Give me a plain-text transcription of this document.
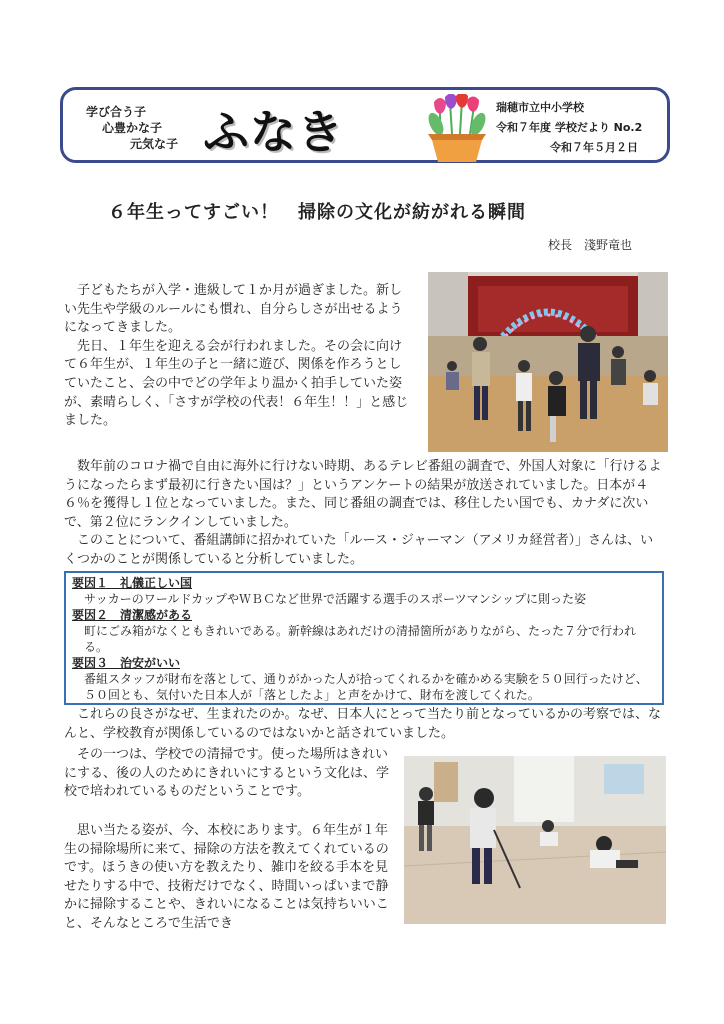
学び合う子
心豊かな子
元気な子 ふなき	瑞穂市立中小学校
令和７年度 学校だより No.2
令和７年５月２日
６年生ってすごい！　掃除の文化が紡がれる瞬間
校長　淺野竜也
子どもたちが入学・進級して１か月が過ぎました。新しい先生や学級のルールにも慣れ、自分らしさが出せるようになってきました。
先日、１年生を迎える会が行われました。その会に向けて６年生が、１年生の子と一緒に遊び、関係を作ろうとしていたこと、会の中でどの学年より温かく拍手していた姿が、素晴らしく、「さすが学校の代表！６年生！！」と感じました。
数年前のコロナ禍で自由に海外に行けない時期、あるテレビ番組の調査で、外国人対象に「行けるようになったらまず最初に行きたい国は？」というアンケートの結果が放送されていました。日本が４６％を獲得し１位となっていました。また、同じ番組の調査では、移住したい国でも、カナダに次いで、第２位にランクインしていました。
このことについて、番組講師に招かれていた「ルース・ジャーマン（アメリカ経営者）」さんは、いくつかのことが関係していると分析していました。
要因１　礼儀正しい国
サッカーのワールドカップやＷＢＣなど世界で活躍する選手のスポーツマンシップに則った姿
要因２　清潔感がある
町にごみ箱がなくともきれいである。新幹線はあれだけの清掃箇所がありながら、たった７分で行われる。
要因３　治安がいい
番組スタッフが財布を落として、通りがかった人が拾ってくれるかを確かめる実験を５０回行ったけど、５０回とも、気付いた日本人が「落としたよ」と声をかけて、財布を渡してくれた。
これらの良さがなぜ、生まれたのか。なぜ、日本人にとって当たり前となっているかの考察では、なんと、学校教育が関係しているのではないかと話されていました。
その一つは、学校での清掃です。使った場所はきれいにする、後の人のためにきれいにするという文化は、学校で培われているものだということです。
思い当たる姿が、今、本校にあります。６年生が１年生の掃除場所に来て、掃除の方法を教えてくれているのです。ほうきの使い方を教えたり、雑巾を絞る手本を見せたりする中で、技術だけでなく、時間いっぱいまで静かに掃除することや、きれいになることは気持ちいいこと、そんなところで生活でき
